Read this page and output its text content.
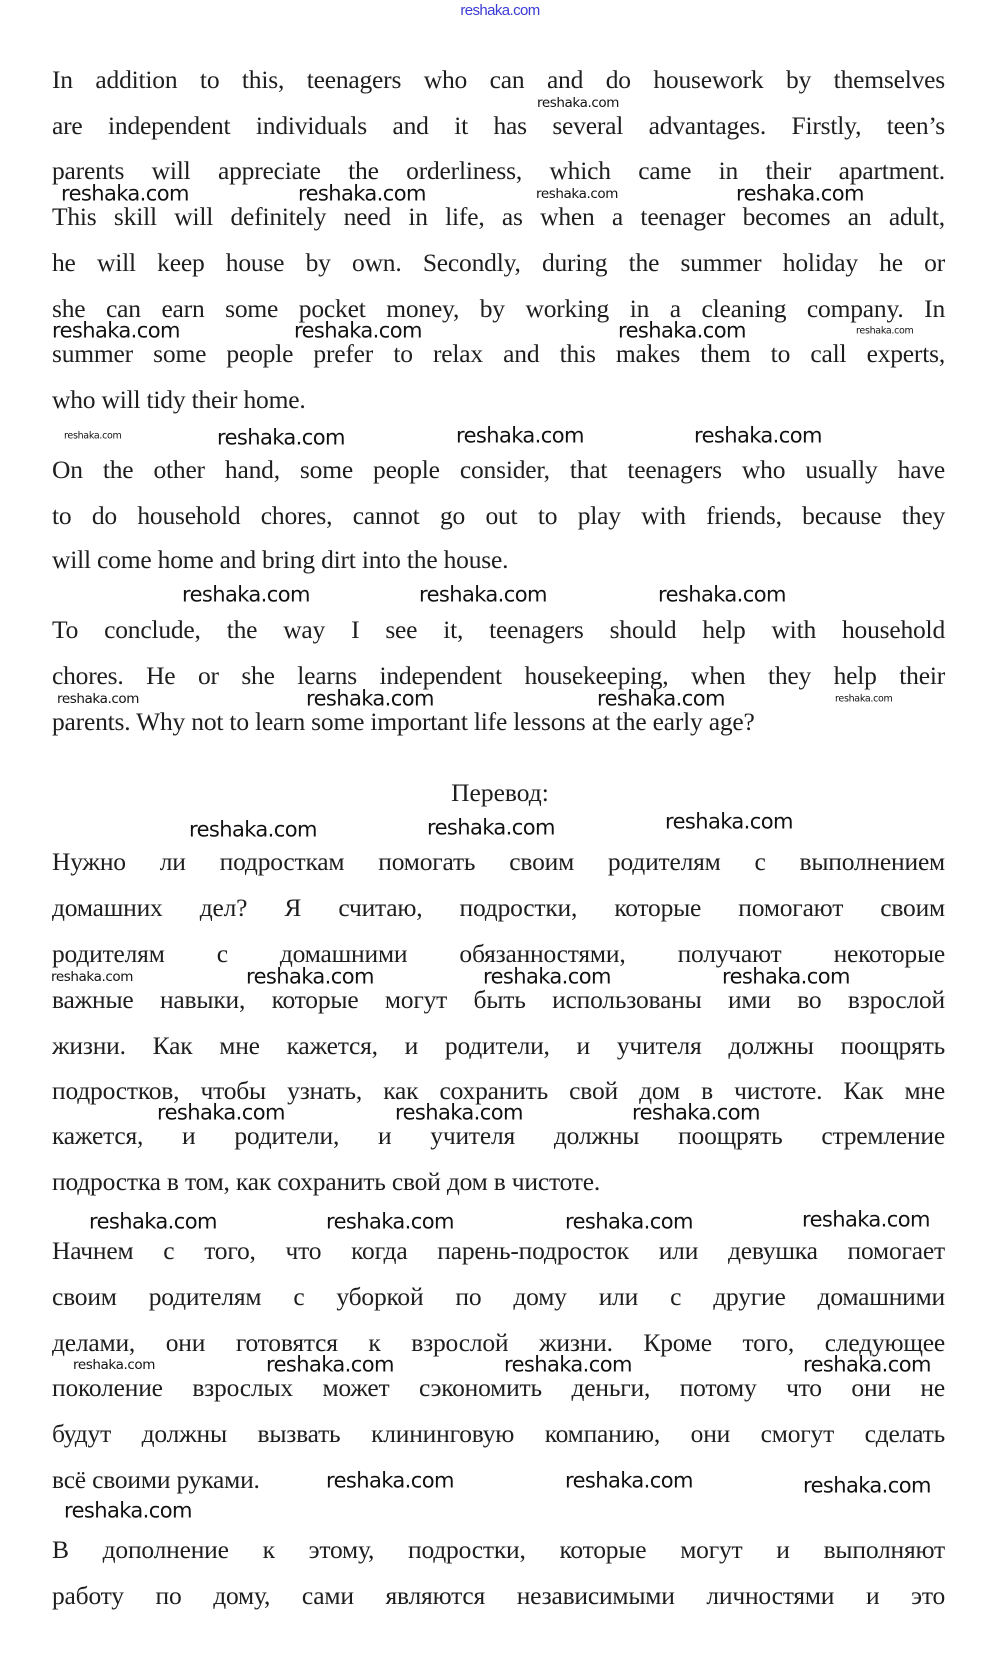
reshaka.com
In addition to this, teenagers who can and do housework by themselves
are independent individuals and it has several advantages. Firstly, teen’s
parents will appreciate the orderliness, which came in their apartment.
This skill will definitely need in life, as when a teenager becomes an adult,
he will keep house by own. Secondly, during the summer holiday he or
she can earn some pocket money, by working in a cleaning company. In
summer some people prefer to relax and this makes them to call experts,
who will tidy their home.
On the other hand, some people consider, that teenagers who usually have
to do household chores, cannot go out to play with friends, because they
will come home and bring dirt into the house.
To conclude, the way I see it, teenagers should help with household
chores. He or she learns independent housekeeping, when they help their
parents. Why not to learn some important life lessons at the early age?
Нужно ли подросткам помогать своим родителям с выполнением
домашних дел? Я считаю, подростки, которые помогают своим
родителям с домашними обязанностями, получают некоторые
важные навыки, которые могут быть использованы ими во взрослой
жизни. Как мне кажется, и родители, и учителя должны поощрять
подростков, чтобы узнать, как сохранить свой дом в чистоте. Как мне
кажется, и родители, и учителя должны поощрять стремление
подростка в том, как сохранить свой дом в чистоте.
Начнем с того, что когда парень-подросток или девушка помогает
своим родителям с уборкой по дому или с другие домашними
делами, они готовятся к взрослой жизни. Кроме того, следующее
поколение взрослых может сэкономить деньги, потому что они не
будут должны вызвать клининговую компанию, они смогут сделать
всё своими руками.
В дополнение к этому, подростки, которые могут и выполняют
работу по дому, сами являются независимыми личностями и это
Перевод:
reshaka.com
reshaka.com	reshaka.com	reshaka.com	reshaka.com
reshaka.com	reshaka.com	reshaka.com	reshaka.com
reshaka.com	reshaka.com	reshaka.com	reshaka.com
reshaka.com	reshaka.com	reshaka.com
reshaka.com	reshaka.com	reshaka.com	reshaka.com
reshaka.com	reshaka.com	reshaka.com
reshaka.com	reshaka.com	reshaka.com	reshaka.com
reshaka.com	reshaka.com	reshaka.com
reshaka.com	reshaka.com	reshaka.com	reshaka.com
reshaka.com	reshaka.com	reshaka.com	reshaka.com
reshaka.com	reshaka.com	reshaka.com
reshaka.com
